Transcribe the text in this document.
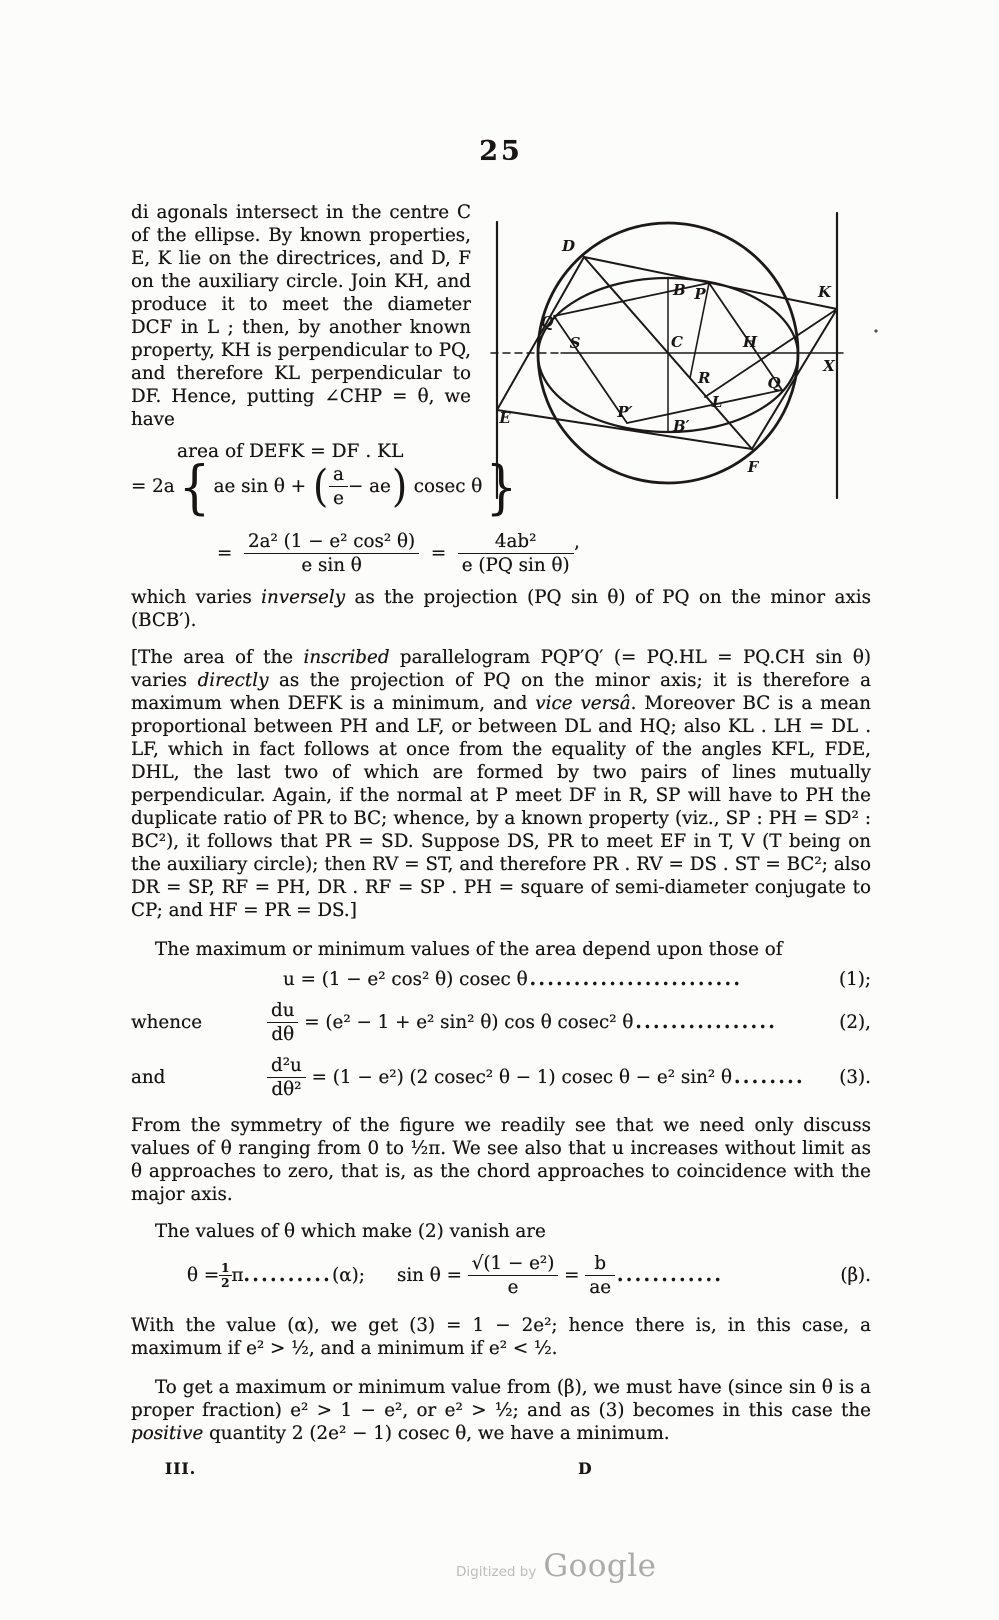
25
D
B P	K
Q′
S	C	H
X
R	Q
L
E	P′
B′
F

di agonals intersect in the centre C of the ellipse. By known properties, E, K lie on the directrices, and D, F on the auxiliary circle. Join KH, and produce it to meet the diameter DCF in L ; then, by another known property, KH is perpendicular to PQ, and therefore KL perpendicular to DF. Hence, putting ∠CHP = θ, we have

area of DEFK = DF . KL
= 2a { ae sin θ +
( $\frac{a}{e}$ − ae )
cosec θ }
=
$\frac{\text{2a² (1 − e² cos² θ)}}{\text{e sin θ}}$
=
$\frac{\text{4ab²}}{\text{e (PQ sin θ)}}$ ’

which varies inversely as the projection (PQ sin θ) of PQ on the minor axis (BCB′).

[The area of the inscribed parallelogram PQP′Q′ (= PQ.HL = PQ.CH sin θ) varies directly as the projection of PQ on the minor axis; it is therefore a maximum when DEFK is a minimum, and vice versâ. Moreover BC is a mean proportional between PH and LF, or between DL and HQ; also KL . LH = DL . LF, which in fact follows at once from the equality of the angles KFL, FDE, DHL, the last two of which are formed by two pairs of lines mutually perpendicular. Again, if the normal at P meet DF in R, SP will have to PH the duplicate ratio of PR to BC; whence, by a known property (viz., SP : PH = SD² : BC²), it follows that PR = SD. Suppose DS, PR to meet EF in T, V (T being on the auxiliary circle); then RV = ST, and therefore PR . RV = DS . ST = BC²; also DR = SP, RF = PH, DR . RF = SP . PH = square of semi-diameter conjugate to CP; and HF = PR = DS.]

The maximum or minimum values of the area depend upon those of

u = (1 − e² cos² θ) cosec θ ........................	(1);
whence	$\frac{du}{d\theta}$
= (e² − 1 + e² sin² θ) cos θ cosec² θ ................	(2),
and	$\frac{\text{d²u}}{\text{dθ²}}$
= (1 − e²) (2 cosec² θ − 1) cosec θ − e² sin² θ ........	(3).

From the symmetry of the figure we readily see that we need only discuss values of θ ranging from 0 to ½π. We see also that u increases without limit as θ approaches to zero, that is, as the chord approaches to coincidence with the major axis.

The values of θ which make (2) vanish are

$\theta = \frac{1}{2}$ π .......... (α); sin θ =
$\frac{\text{√(1 − e²)}}{e}$
=
$\frac{b}{ae}$ ............	(β).

With the value (α), we get (3) = 1 − 2e²; hence there is, in this case, a maximum if e² > ½, and a minimum if e² < ½.

To get a maximum or minimum value from (β), we must have (since sin θ is a proper fraction) e² > 1 − e², or e² > ½; and as (3) becomes in this case the positive quantity 2 (2e² − 1) cosec θ, we have a minimum.

III.	D
Digitized by Google
